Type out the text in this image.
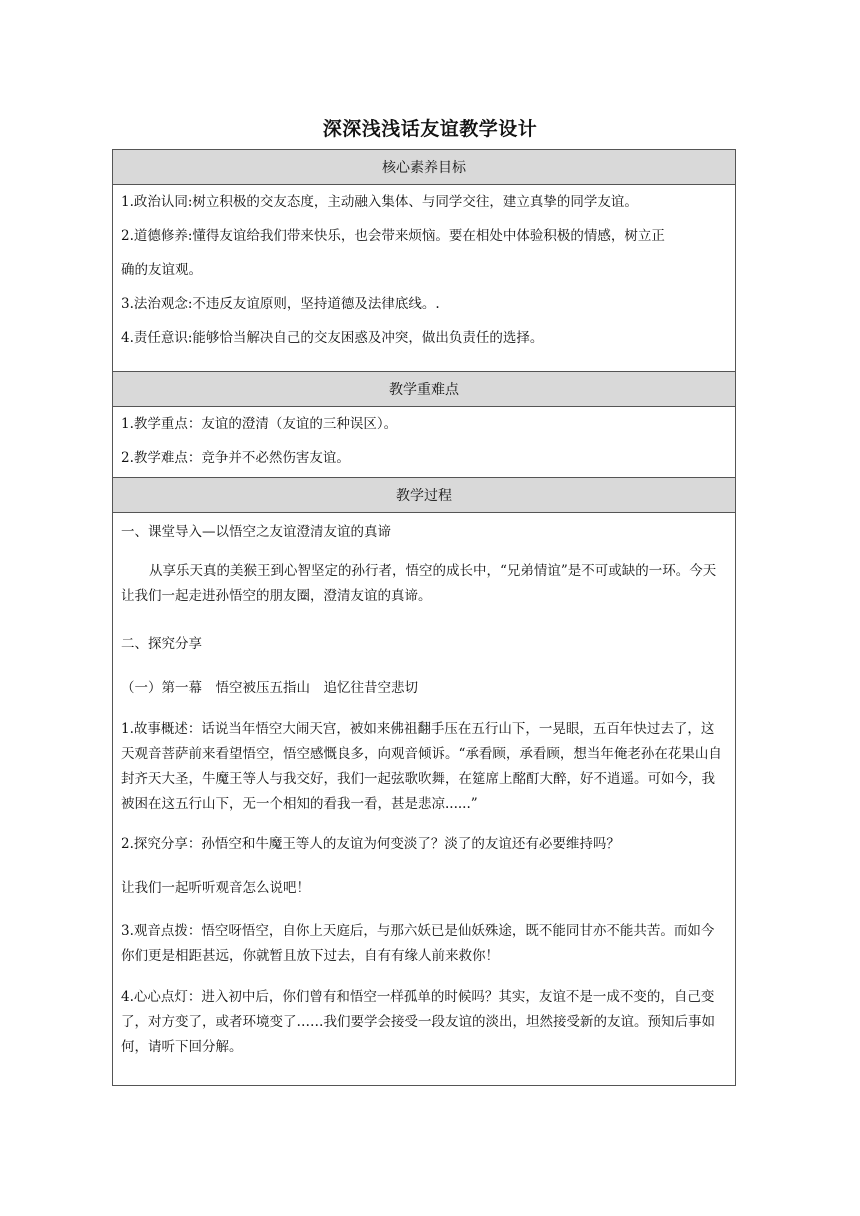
深深浅浅话友谊教学设计
核心素养目标

1.政治认同:树立积极的交友态度，主动融入集体、与同学交往，建立真挚的同学友谊。
2.道德修养:懂得友谊给我们带来快乐，也会带来烦恼。要在相处中体验积极的情感，树立正
确的友谊观。
3.法治观念:不违反友谊原则，坚持道德及法律底线。.
4.责任意识:能够恰当解决自己的交友困惑及冲突，做出负责任的选择。

教学重难点

1.教学重点：友谊的澄清（友谊的三种误区）。
2.教学难点：竞争并不必然伤害友谊。

教学过程

一、课堂导入—以悟空之友谊澄清友谊的真谛
从享乐天真的美猴王到心智坚定的孙行者，悟空的成长中，“兄弟情谊”是不可或缺的一环。今天让我们一起走进孙悟空的朋友圈，澄清友谊的真谛。
二、探究分享
（一）第一幕　悟空被压五指山　追忆往昔空悲切
1.故事概述：话说当年悟空大闹天宫，被如来佛祖翻手压在五行山下，一晃眼，五百年快过去了，这天观音菩萨前来看望悟空，悟空感慨良多，向观音倾诉。“承看顾，承看顾，想当年俺老孙在花果山自封齐天大圣，牛魔王等人与我交好，我们一起弦歌吹舞，在筵席上酩酊大醉，好不逍遥。可如今，我被困在这五行山下，无一个相知的看我一看，甚是悲凉......”
2.探究分享：孙悟空和牛魔王等人的友谊为何变淡了？淡了的友谊还有必要维持吗？
让我们一起听听观音怎么说吧！
3.观音点拨：悟空呀悟空，自你上天庭后，与那六妖已是仙妖殊途，既不能同甘亦不能共苦。而如今你们更是相距甚远，你就暂且放下过去，自有有缘人前来救你！
4.心心点灯：进入初中后，你们曾有和悟空一样孤单的时候吗？其实，友谊不是一成不变的，自己变了，对方变了，或者环境变了……我们要学会接受一段友谊的淡出，坦然接受新的友谊。预知后事如何，请听下回分解。
